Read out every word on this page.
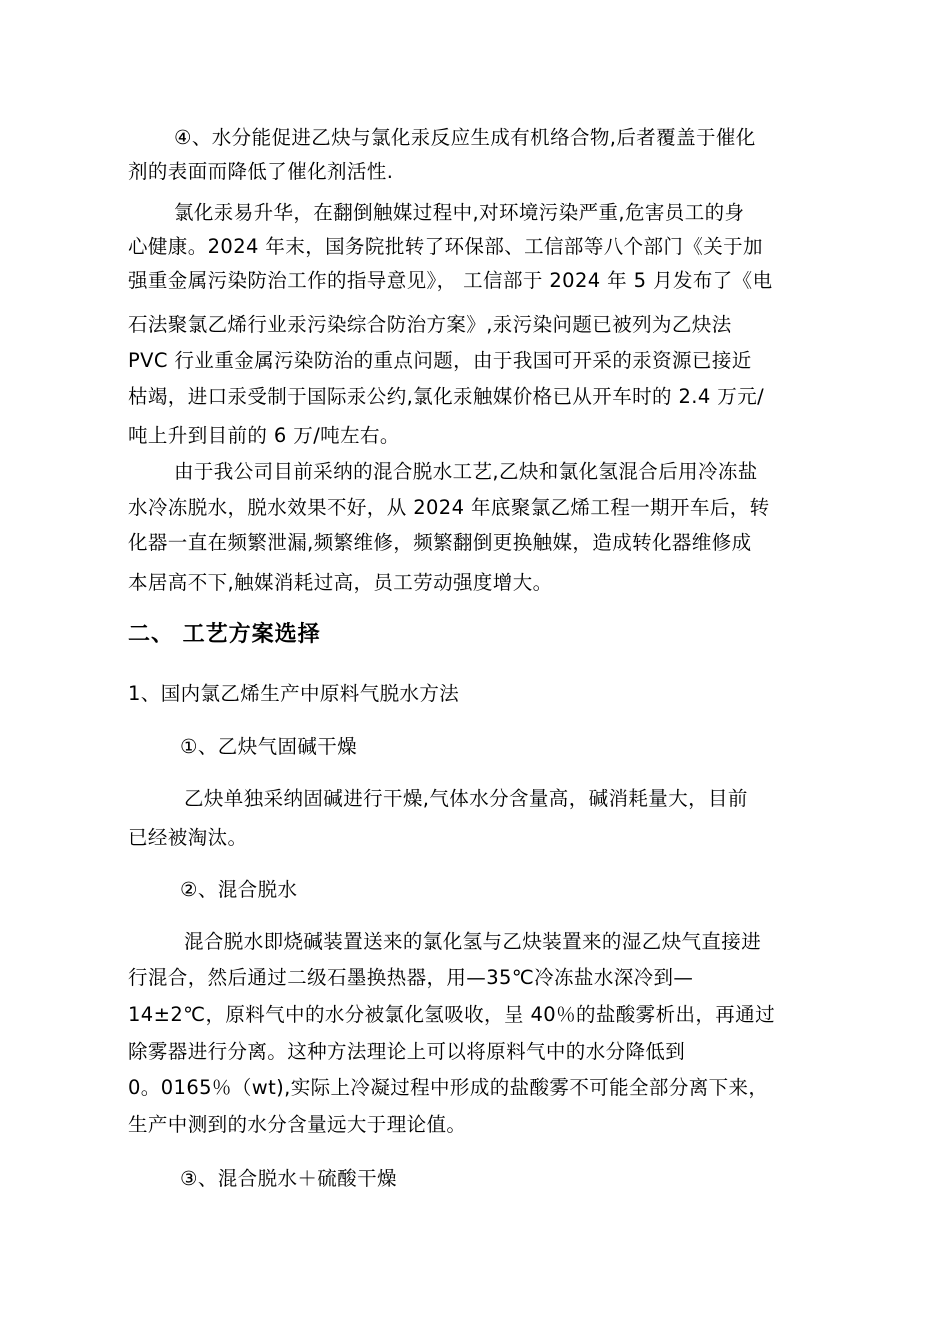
④、水分能促进乙炔与氯化汞反应生成有机络合物,后者覆盖于催化
剂的表面而降低了催化剂活性.
氯化汞易升华，在翻倒触媒过程中,对环境污染严重,危害员工的身
心健康。2024 年末，国务院批转了环保部、工信部等八个部门《关于加
强重金属污染防治工作的指导意见》， 工信部于 2024 年 5 月发布了《电
石法聚氯乙烯行业汞污染综合防治方案》,汞污染问题已被列为乙炔法
PVC 行业重金属污染防治的重点问题，由于我国可开采的汞资源已接近
枯竭，进口汞受制于国际汞公约,氯化汞触媒价格已从开车时的 2.4 万元/
吨上升到目前的 6 万/吨左右。
由于我公司目前采纳的混合脱水工艺,乙炔和氯化氢混合后用冷冻盐
水冷冻脱水，脱水效果不好，从 2024 年底聚氯乙烯工程一期开车后，转
化器一直在频繁泄漏,频繁维修，频繁翻倒更换触媒，造成转化器维修成
本居高不下,触媒消耗过高，员工劳动强度增大。
二、 工艺方案选择
1、国内氯乙烯生产中原料气脱水方法
①、乙炔气固碱干燥
乙炔单独采纳固碱进行干燥,气体水分含量高，碱消耗量大，目前
已经被淘汰。
②、混合脱水
混合脱水即烧碱装置送来的氯化氢与乙炔装置来的湿乙炔气直接进
行混合，然后通过二级石墨换热器，用—35℃冷冻盐水深冷到—
14±2℃，原料气中的水分被氯化氢吸收，呈 40％的盐酸雾析出，再通过
除雾器进行分离。这种方法理论上可以将原料气中的水分降低到
0。0165％（wt),实际上冷凝过程中形成的盐酸雾不可能全部分离下来，
生产中测到的水分含量远大于理论值。
③、混合脱水＋硫酸干燥
